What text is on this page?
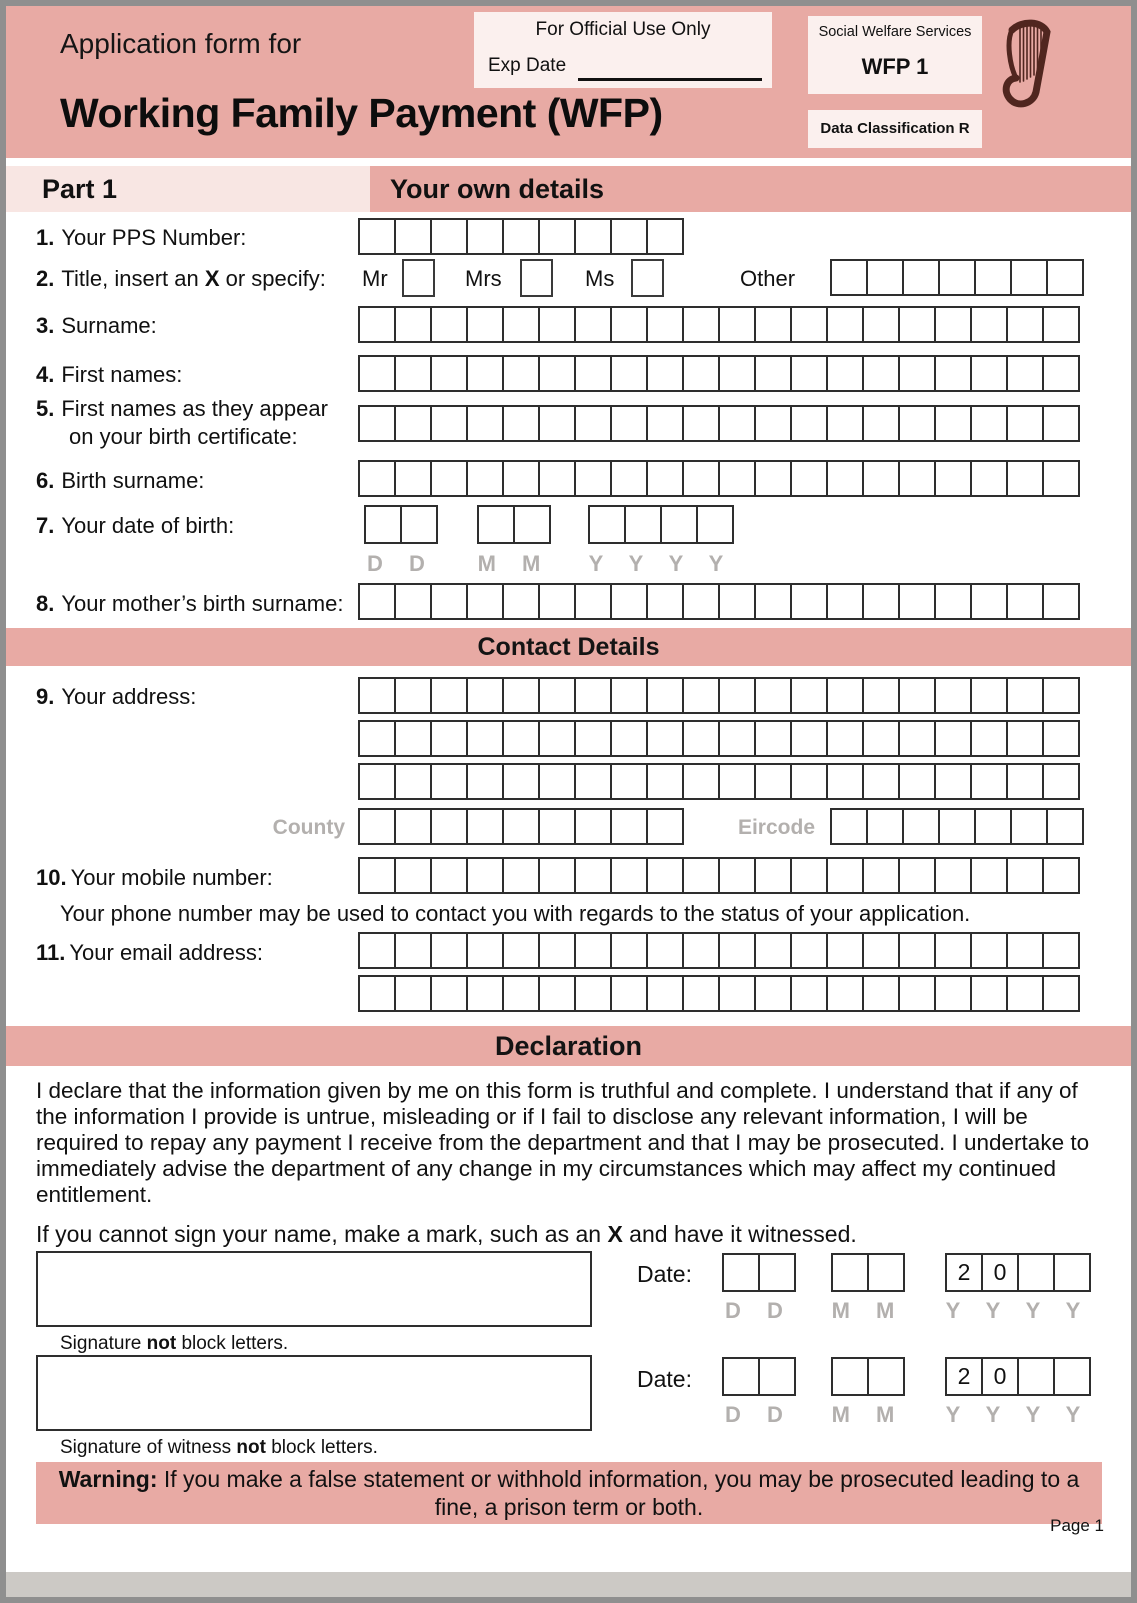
Application form for
Working Family Payment (WFP)
For Official Use Only
Exp Date
Social Welfare Services
WFP 1
Data Classification R
Part 1	Your own details
1. Your PPS Number:
2. Title, insert an X or specify: Mr	Mrs	Ms	Other
3. Surname:
4. First names:
5. First names as they appear
on your birth certificate:
6. Birth surname:
7. Your date of birth:
D D M M Y Y Y Y
8. Your mother’s birth surname:
Contact Details
9. Your address:
County	Eircode
10. Your mobile number:
Your phone number may be used to contact you with regards to the status of your application.
11. Your email address:
Declaration
I declare that the information given by me on this form is truthful and complete. I understand that if any of the information I provide is untrue, misleading or if I fail to disclose any relevant information, I will be required to repay any payment I receive from the department and that I may be prosecuted. I undertake to immediately advise the department of any change in my circumstances which may affect my continued entitlement.
If you cannot sign your name, make a mark, such as an X and have it witnessed.
Date:	2	0
D D M M Y Y Y Y
Signature not block letters.
Date:	2	0
D D M M Y Y Y Y
Signature of witness not block letters.
Warning: If you make a false statement or withhold information, you may be prosecuted leading to a fine, a prison term or both.
Page 1
